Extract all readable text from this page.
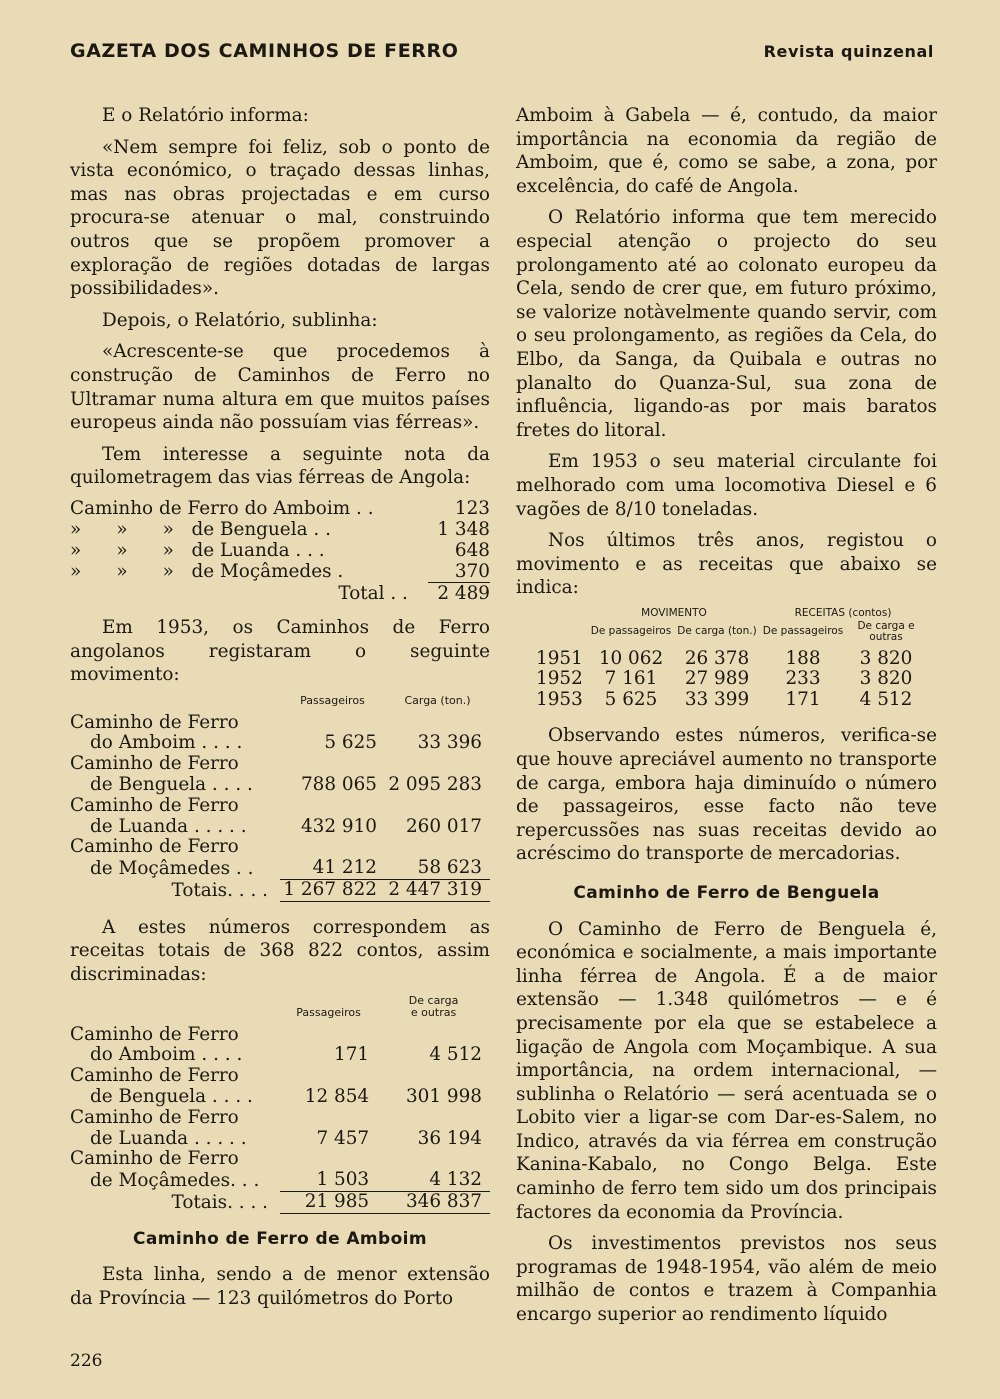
GAZETA DOS CAMINHOS DE FERRO	Revista quinzenal

E o Relatório informa:

«Nem sempre foi feliz, sob o ponto de vista económico, o traçado dessas linhas, mas nas obras projectadas e em curso procura-se atenuar o mal, construindo outros que se propõem promover a exploração de regiões dotadas de largas possibilidades».

Depois, o Relatório, sublinha:

«Acrescente-se que procedemos à construção de Caminhos de Ferro no Ultramar numa altura em que muitos países europeus ainda não possuíam vias férreas».

Tem interesse a seguinte nota da quilometragem das vias férreas de Angola:

Caminho de Ferro do Amboim . .	123
»      »      »   de Benguela . .	1 348
»      »      »   de Luanda . . .	648
»      »      »   de Moçâmedes .	370
Total . .	2 489

Em 1953, os Caminhos de Ferro angolanos registaram o seguinte movimento:

	Passageiros	Carga (ton.)
Caminho de Ferro		
do Amboim . . . .	5 625	33 396
Caminho de Ferro		
de Benguela . . . .	788 065	2 095 283
Caminho de Ferro		
de Luanda . . . . .	432 910	260 017
Caminho de Ferro		
de Moçâmedes . .	41 212	58 623
Totais. . . .	1 267 822	2 447 319

A estes números correspondem as receitas totais de 368 822 contos, assim discriminadas:

	Passageiros	De carga
e outras
Caminho de Ferro		
do Amboim . . . .	171	4 512
Caminho de Ferro		
de Benguela . . . .	12 854	301 998
Caminho de Ferro		
de Luanda . . . . .	7 457	36 194
Caminho de Ferro		
de Moçâmedes. . .	1 503	4 132
Totais. . . .	21 985	346 837
Caminho de Ferro de Amboim

Esta linha, sendo a de menor extensão da Província — 123 quilómetros do Porto

Amboim à Gabela — é, contudo, da maior importância na economia da região de Amboim, que é, como se sabe, a zona, por excelência, do café de Angola.

O Relatório informa que tem merecido especial atenção o projecto do seu prolongamento até ao colonato europeu da Cela, sendo de crer que, em futuro próximo, se valorize notàvelmente quando servir, com o seu prolongamento, as regiões da Cela, do Elbo, da Sanga, da Quibala e outras no planalto do Quanza-Sul, sua zona de influência, ligando-as por mais baratos fretes do litoral.

Em 1953 o seu material circulante foi melhorado com uma locomotiva Diesel e 6 vagões de 8/10 toneladas.

Nos últimos três anos, registou o movimento e as receitas que abaixo se indica:

	MOVIMENTO		RECEITAS (contos)	
	De passageiros	De carga (ton.)	De passageiros	De carga e outras
1951	10 062	26 378	188	3 820
1952	7 161	27 989	233	3 820
1953	5 625	33 399	171	4 512

Observando estes números, verifica-se que houve apreciável aumento no transporte de carga, embora haja diminuído o número de passageiros, esse facto não teve repercussões nas suas receitas devido ao acréscimo do transporte de mercadorias.

Caminho de Ferro de Benguela

O Caminho de Ferro de Benguela é, económica e socialmente, a mais importante linha férrea de Angola. É a de maior extensão — 1.348 quilómetros — e é precisamente por ela que se estabelece a ligação de Angola com Moçambique. A sua importância, na ordem internacional, — sublinha o Relatório — será acentuada se o Lobito vier a ligar-se com Dar-es-Salem, no Indico, através da via férrea em construção Kanina-Kabalo, no Congo Belga. Este caminho de ferro tem sido um dos principais factores da economia da Província.

Os investimentos previstos nos seus programas de 1948-1954, vão além de meio milhão de contos e trazem à Companhia encargo superior ao rendimento líquido

226
